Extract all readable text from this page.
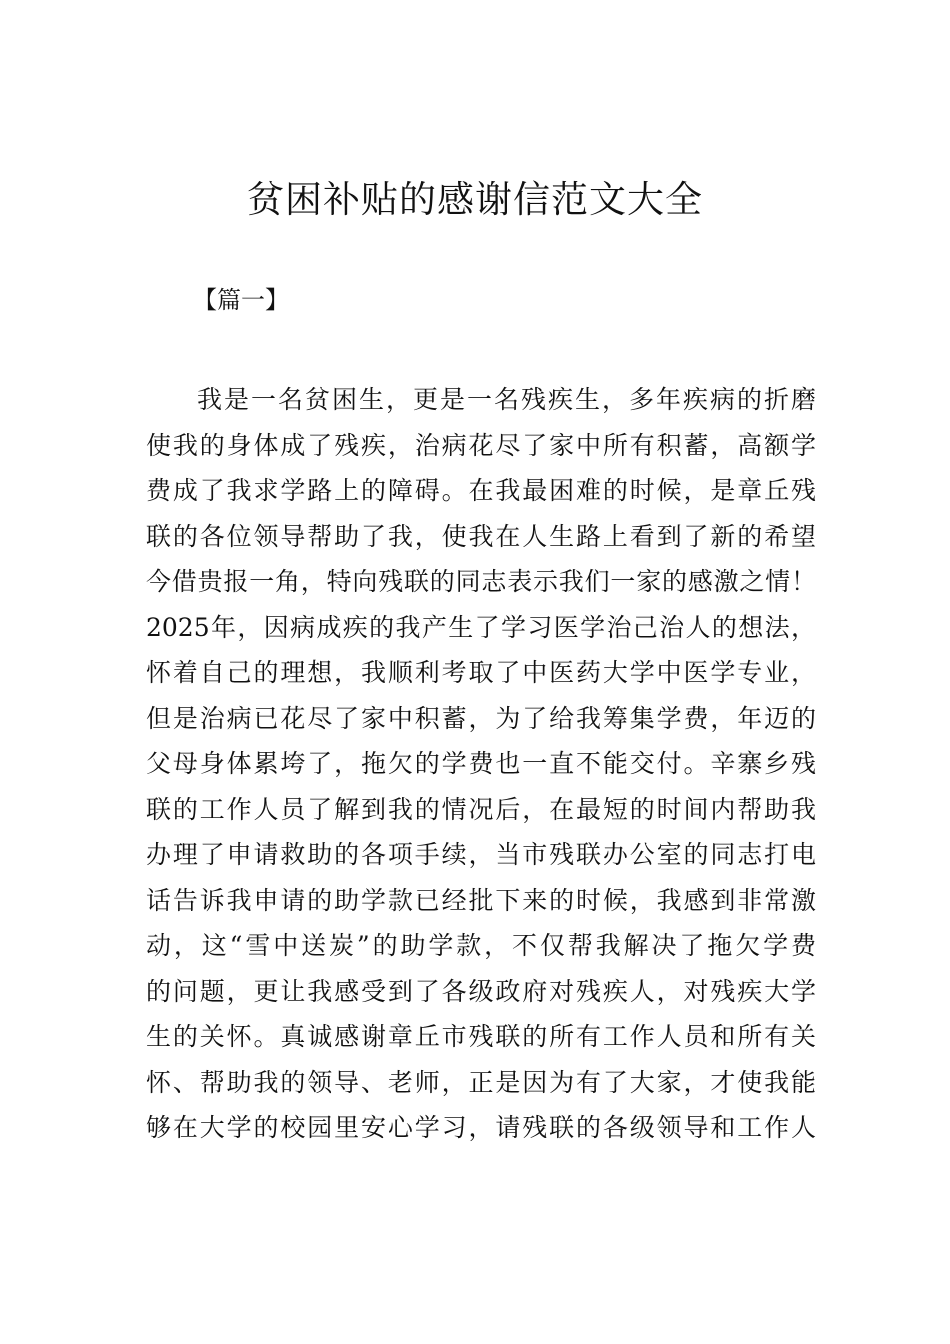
贫困补贴的感谢信范文大全

【篇一】

我是一名贫困生，更是一名残疾生，多年疾病的折磨
使我的身体成了残疾，治病花尽了家中所有积蓄，高额学
费成了我求学路上的障碍。在我最困难的时候，是章丘残
联的各位领导帮助了我，使我在人生路上看到了新的希望
今借贵报一角，特向残联的同志表示我们一家的感激之情！
2025年，因病成疾的我产生了学习医学治己治人的想法，
怀着自己的理想，我顺利考取了中医药大学中医学专业，
但是治病已花尽了家中积蓄，为了给我筹集学费，年迈的
父母身体累垮了，拖欠的学费也一直不能交付。辛寨乡残
联的工作人员了解到我的情况后，在最短的时间内帮助我
办理了申请救助的各项手续，当市残联办公室的同志打电
话告诉我申请的助学款已经批下来的时候，我感到非常激
动，这“雪中送炭”的助学款，不仅帮我解决了拖欠学费
的问题，更让我感受到了各级政府对残疾人，对残疾大学
生的关怀。真诚感谢章丘市残联的所有工作人员和所有关
怀、帮助我的领导、老师，正是因为有了大家，才使我能
够在大学的校园里安心学习，请残联的各级领导和工作人
